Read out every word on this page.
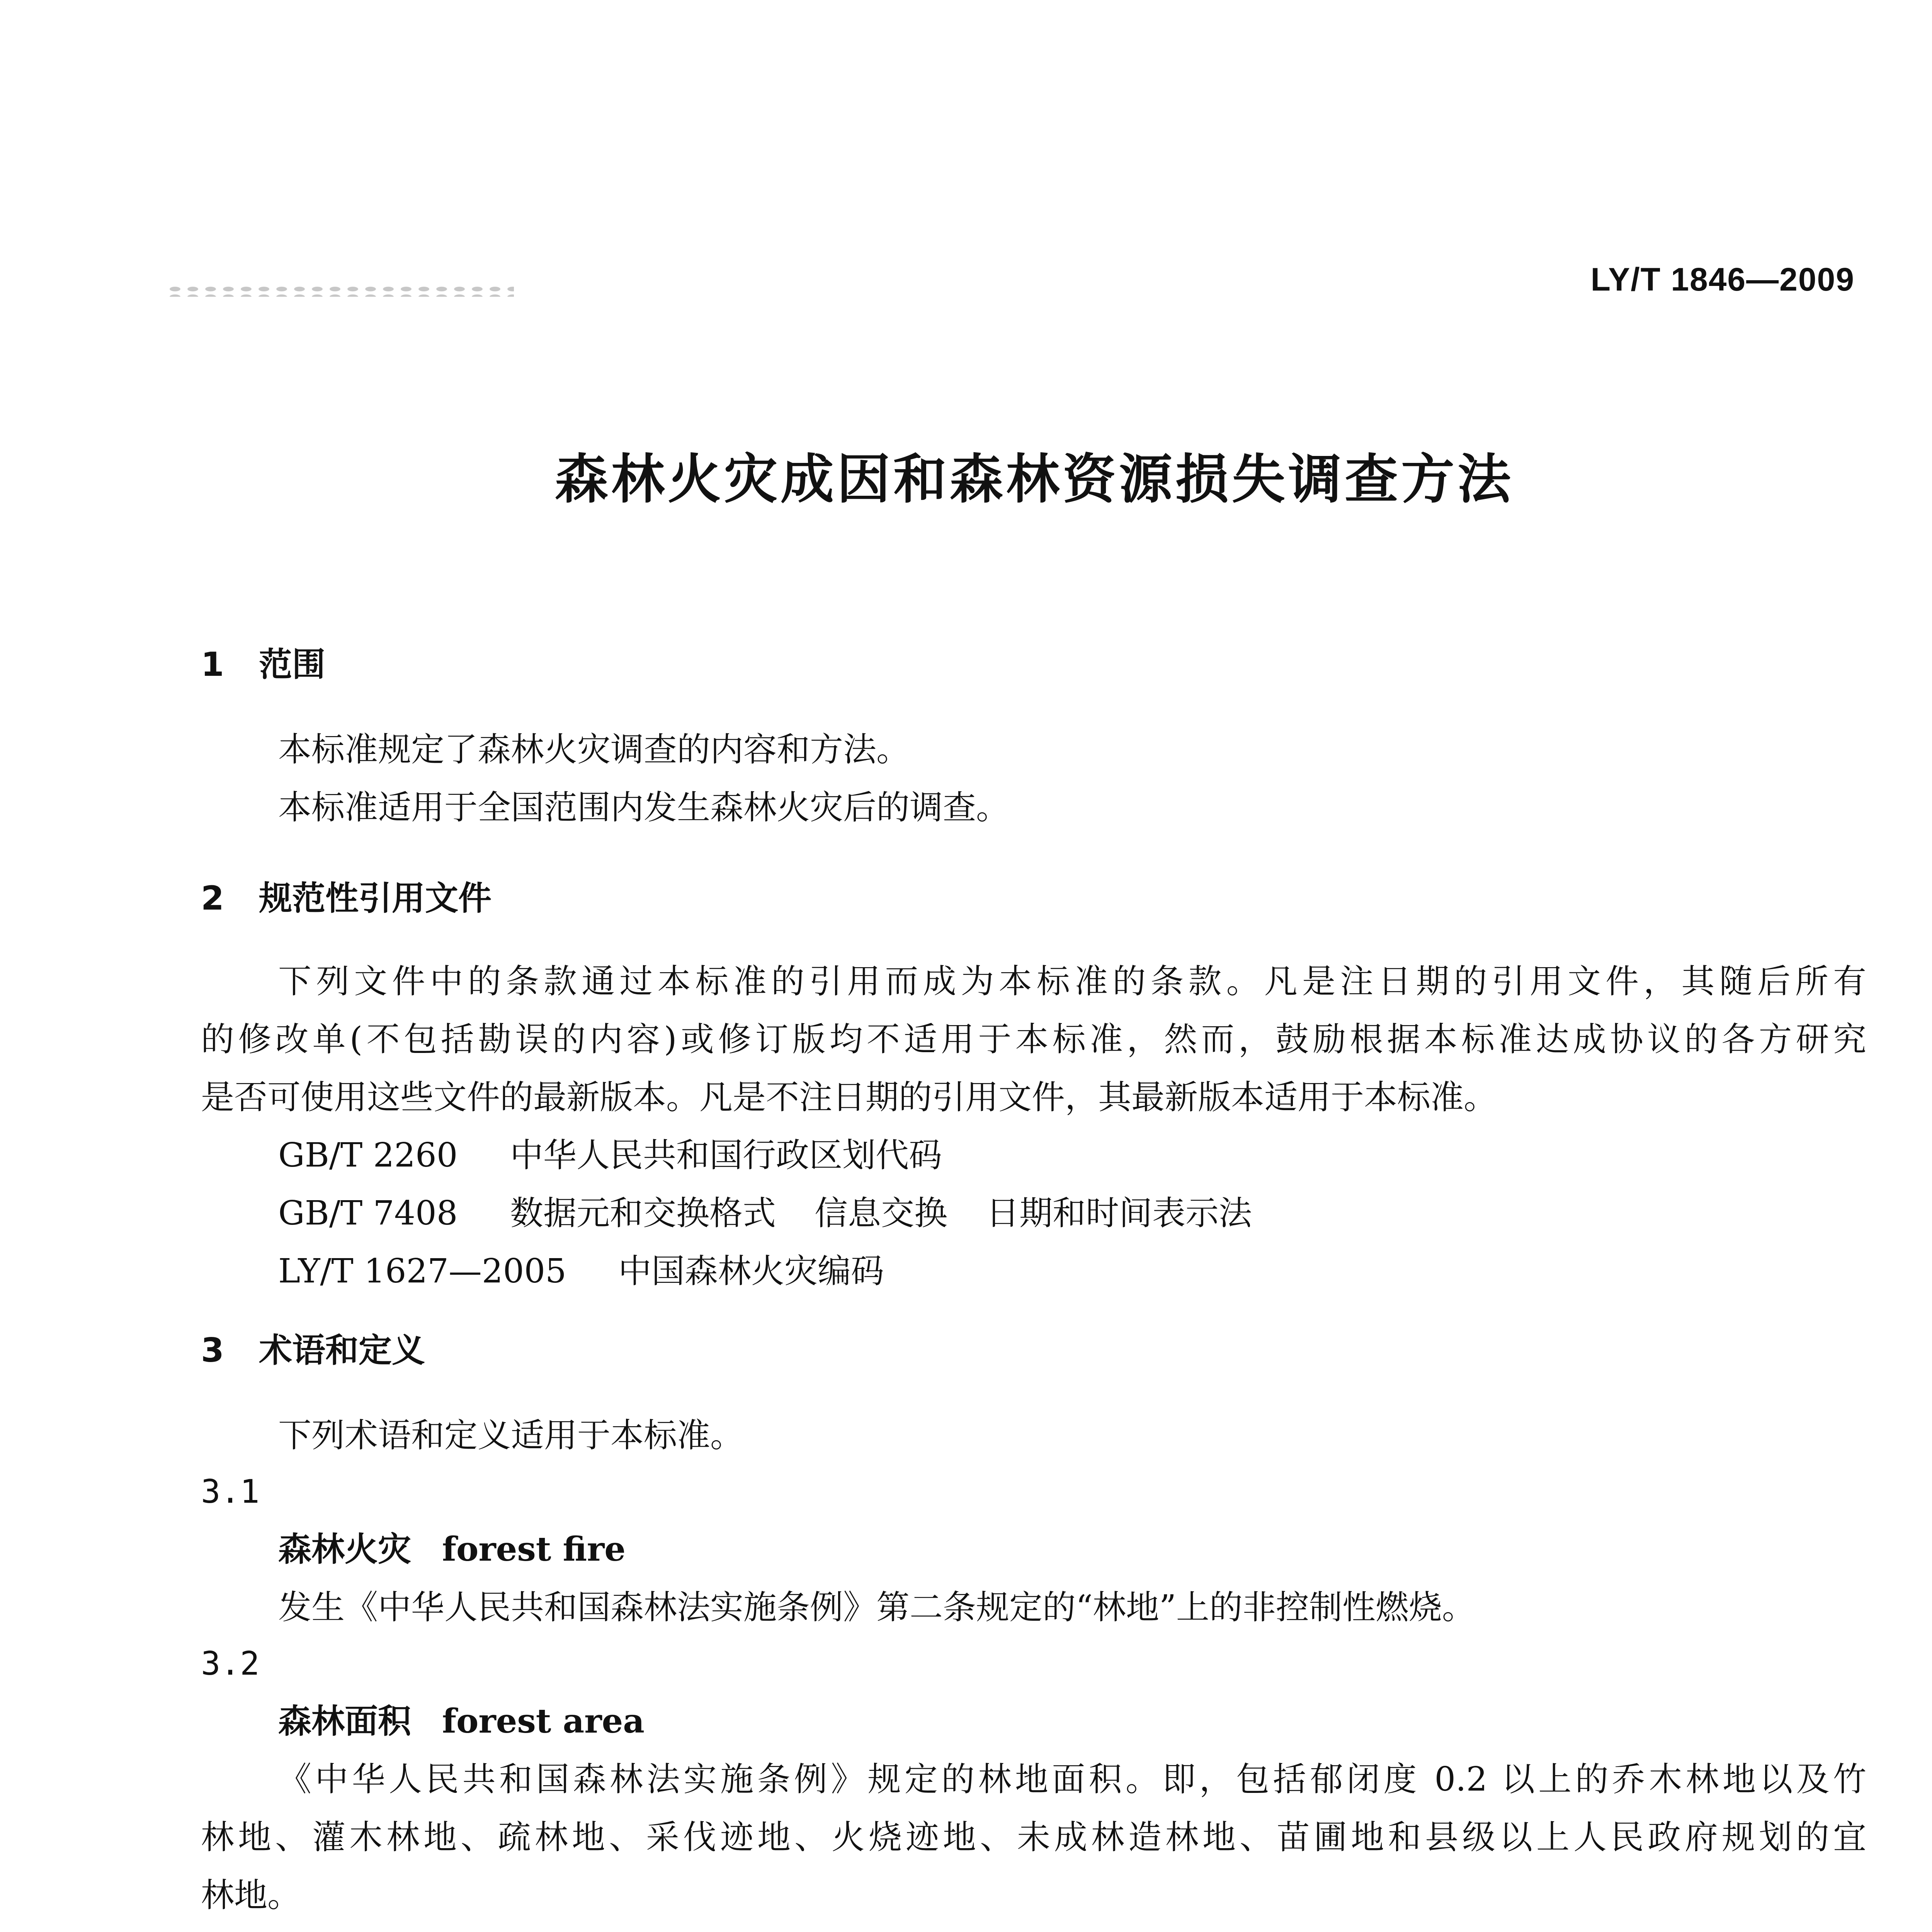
LY/T 1846—2009
森林火灾成因和森林资源损失调查方法
1 范围
本标准规定了森林火灾调查的内容和方法。
本标准适用于全国范围内发生森林火灾后的调查。
2 规范性引用文件
下列文件中的条款通过本标准的引用而成为本标准的条款。凡是注日期的引用文件，其随后所有
的修改单(不包括勘误的内容)或修订版均不适用于本标准，然而，鼓励根据本标准达成协议的各方研究
是否可使用这些文件的最新版本。凡是不注日期的引用文件，其最新版本适用于本标准。
GB/T 2260 中华人民共和国行政区划代码
GB/T 7408 数据元和交换格式 信息交换 日期和时间表示法
LY/T 1627—2005 中国森林火灾编码
3 术语和定义
下列术语和定义适用于本标准。
3.1
森林火灾 forest fire
发生《中华人民共和国森林法实施条例》第二条规定的“林地”上的非控制性燃烧。
3.2
森林面积 forest area
《中华人民共和国森林法实施条例》规定的林地面积。即，包括郁闭度 0.2 以上的乔木林地以及竹
林地、灌木林地、疏林地、采伐迹地、火烧迹地、未成林造林地、苗圃地和县级以上人民政府规划的宜
林地。
